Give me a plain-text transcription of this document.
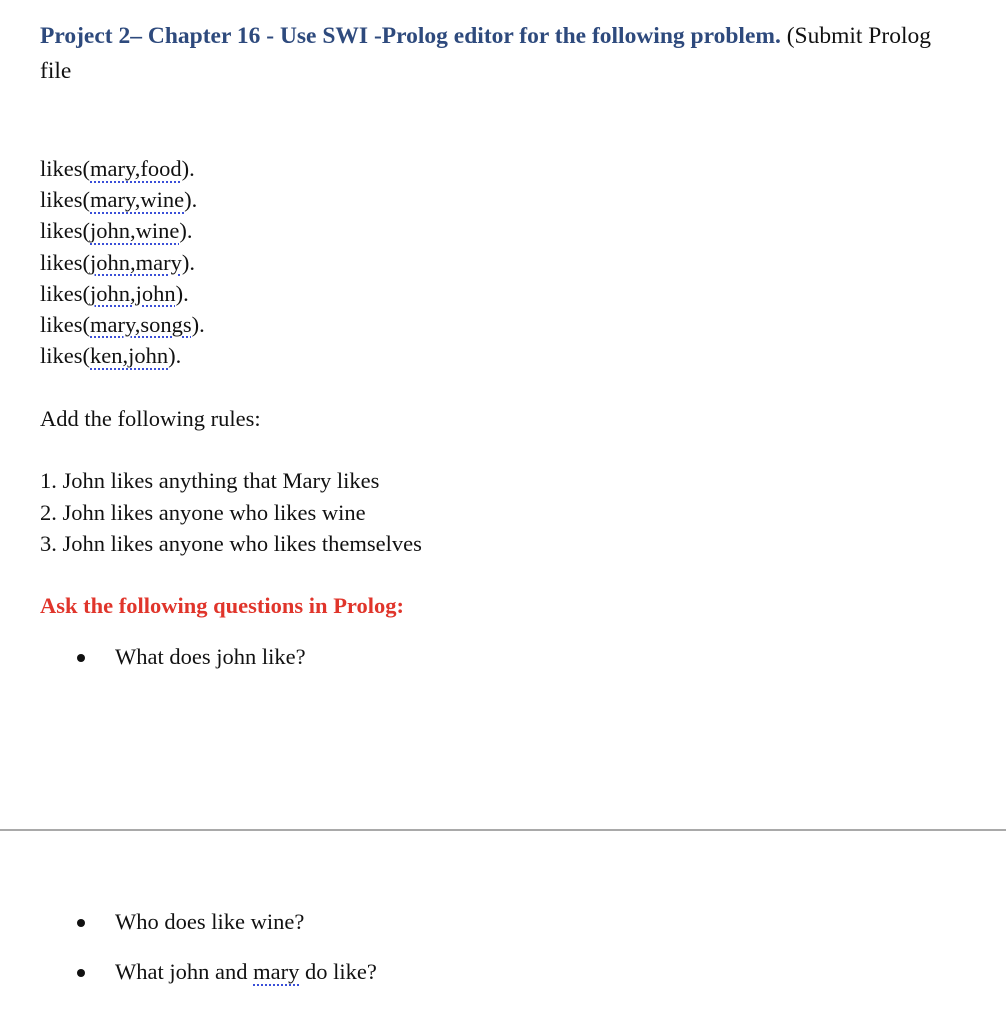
Project 2– Chapter 16 - Use SWI -Prolog editor for the following problem. (Submit Prolog
file
likes(mary,food).
likes(mary,wine).
likes(john,wine).
likes(john,mary).
likes(john,john).
likes(mary,songs).
likes(ken,john).
Add the following rules:
1. John likes anything that Mary likes
2. John likes anyone who likes wine
3. John likes anyone who likes themselves
Ask the following questions in Prolog:
What does john like?
Who does like wine?
What john and mary do like?
